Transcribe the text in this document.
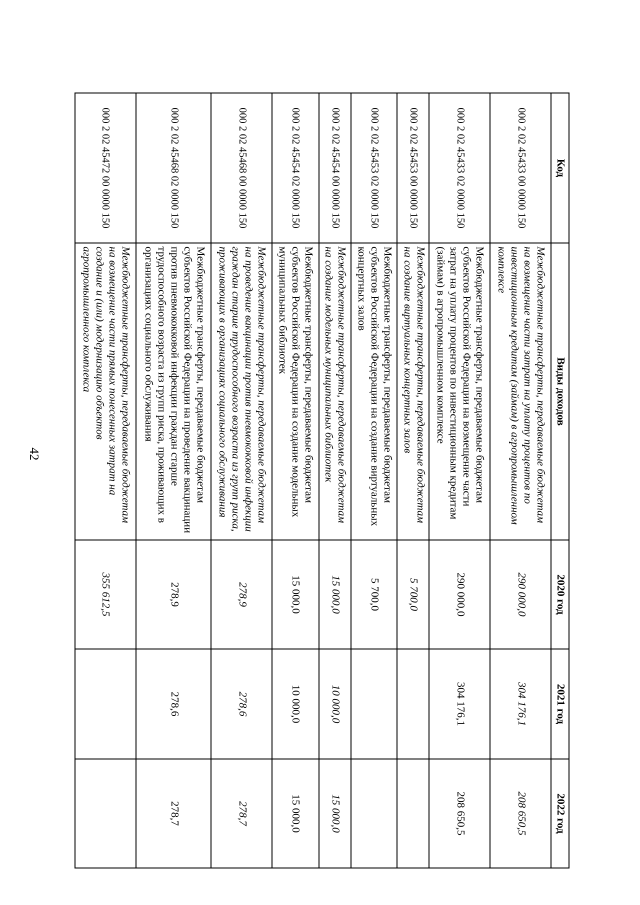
42
Код	Виды доходов	2020 год	2021 год	2022 год
000 2 02 45433 00 0000 150	Межбюджетные трансферты, передаваемые бюджетам на возмещение части затрат на уплату процентов по инвестиционным кредитам (займам) в агропромышленном комплексе	290 000,0	304 176,1	208 650,5
000 2 02 45433 02 0000 150	Межбюджетные трансферты, передаваемые бюджетам субъектов Российской Федерации на возмещение части затрат на уплату процентов по инвестиционным кредитам (займам) в агропромышленном комплексе	290 000,0	304 176,1	208 650,5
000 2 02 45453 00 0000 150	Межбюджетные трансферты, передаваемые бюджетам на создание виртуальных концертных залов	5 700,0		
000 2 02 45453 02 0000 150	Межбюджетные трансферты, передаваемые бюджетам субъектов Российской Федерации на создание виртуальных концертных залов	5 700,0		
000 2 02 45454 00 0000 150	Межбюджетные трансферты, передаваемые бюджетам на создание модельных муниципальных библиотек	15 000,0	10 000,0	15 000,0
000 2 02 45454 02 0000 150	Межбюджетные трансферты, передаваемые бюджетам субъектов Российской Федерации на создание модельных муниципальных библиотек	15 000,0	10 000,0	15 000,0
000 2 02 45468 00 0000 150	Межбюджетные трансферты, передаваемые бюджетам на проведение вакцинации против пневмококковой инфекции граждан старше трудоспособного возраста из групп риска, проживающих в организациях социального обслуживания	278,9	278,6	278,7
000 2 02 45468 02 0000 150	Межбюджетные трансферты, передаваемые бюджетам субъектов Российской Федерации на проведение вакцинации против пневмококковой инфекции граждан старше трудоспособного возраста из групп риска, проживающих в организациях социального обслуживания	278,9	278,6	278,7
000 2 02 45472 00 0000 150	Межбюджетные трансферты, передаваемые бюджетам на возмещение части прямых понесенных затрат на создание и (или) модернизацию объектов агропромышленного комплекса	355 612,5		
